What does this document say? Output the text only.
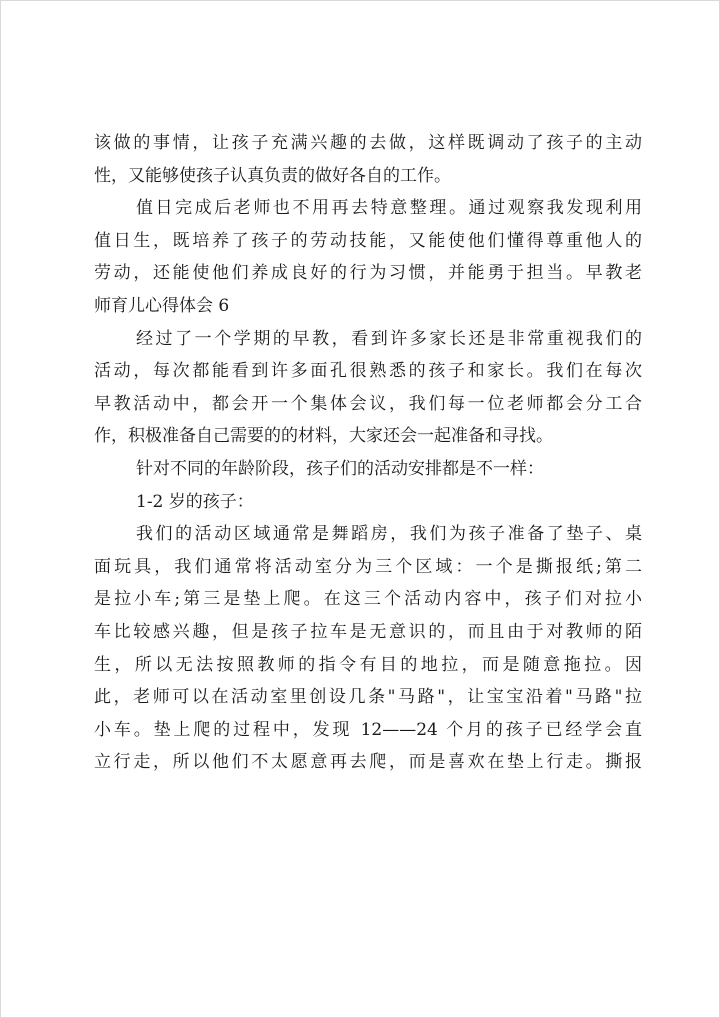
该做的事情，让孩子充满兴趣的去做，这样既调动了孩子的主动
性，又能够使孩子认真负责的做好各自的工作。
值日完成后老师也不用再去特意整理。通过观察我发现利用
值日生，既培养了孩子的劳动技能，又能使他们懂得尊重他人的
劳动，还能使他们养成良好的行为习惯，并能勇于担当。早教老
师育儿心得体会 6
经过了一个学期的早教，看到许多家长还是非常重视我们的
活动，每次都能看到许多面孔很熟悉的孩子和家长。我们在每次
早教活动中，都会开一个集体会议，我们每一位老师都会分工合
作，积极准备自己需要的的材料，大家还会一起准备和寻找。
针对不同的年龄阶段，孩子们的活动安排都是不一样：
1-2 岁的孩子：
我们的活动区域通常是舞蹈房，我们为孩子准备了垫子、桌
面玩具，我们通常将活动室分为三个区域：一个是撕报纸;第二
是拉小车;第三是垫上爬。在这三个活动内容中，孩子们对拉小
车比较感兴趣，但是孩子拉车是无意识的，而且由于对教师的陌
生，所以无法按照教师的指令有目的地拉，而是随意拖拉。因
此，老师可以在活动室里创设几条"马路"，让宝宝沿着"马路"拉
小车。垫上爬的过程中，发现 12——24 个月的孩子已经学会直
立行走，所以他们不太愿意再去爬，而是喜欢在垫上行走。撕报
